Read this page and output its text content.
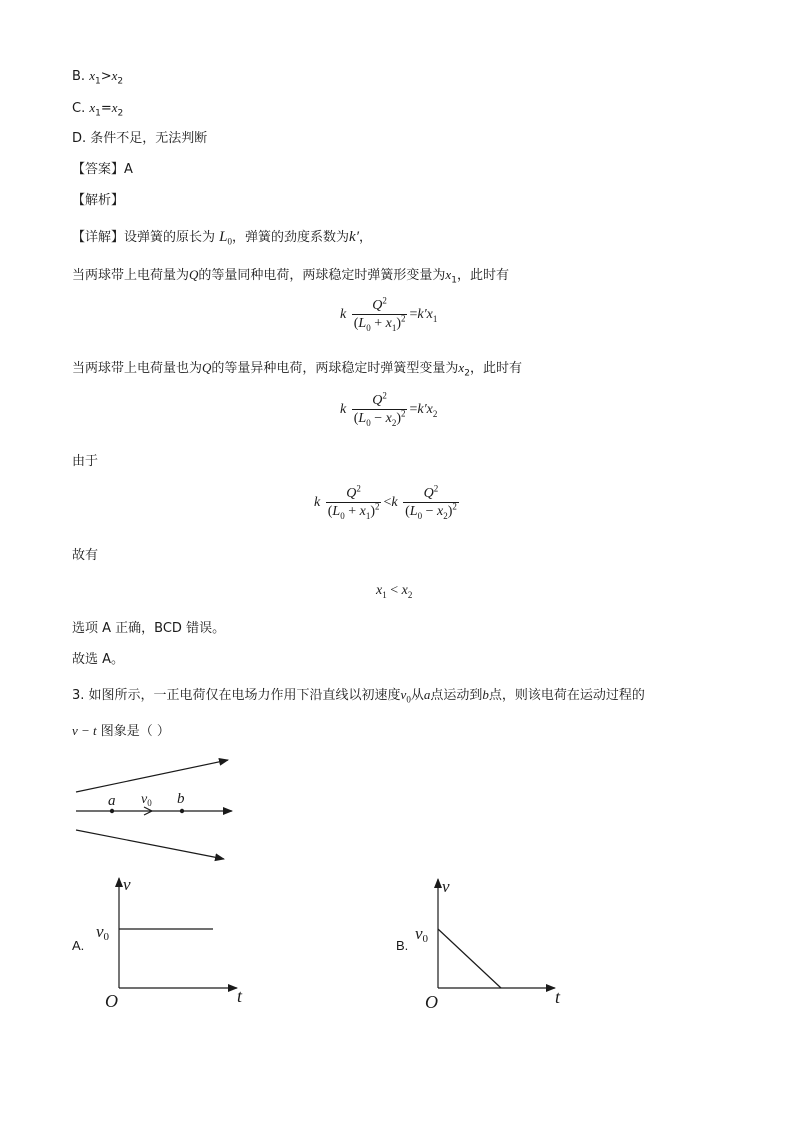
B. $x_1>x_2$
C. $x_1=x_2$
D. 条件不足，无法判断
【答案】A
【解析】
【详解】设弹簧的原长为 $L_0$，弹簧的劲度系数为k′，
当两球带上电荷量为Q的等量同种电荷，两球稳定时弹簧形变量为$x_1$，此时有
k $\frac{Q^2}{(L_0 + x_1)^2} =k'x_1$
当两球带上电荷量也为Q的等量异种电荷，两球稳定时弹簧型变量为$x_2$，此时有
k $\frac{Q^2}{(L_0 - x_2)^2} =k'x_2$
由于
k $\frac{Q^2}{(L_0 + x_1)^2} <k \frac{Q^2}{(L_0 - x_2)^2}$
故有
$x_1 < x_2$
选项 A 正确，BCD 错误。
故选 A。
3. 如图所示，一正电荷仅在电场力作用下沿直线以初速度$v_0$从a点运动到b点，则该电荷在运动过程的
v − t 图象是（ ）
a	b
$v_0$
A.
v
t
O
v0
B.
v
t
O
v0
